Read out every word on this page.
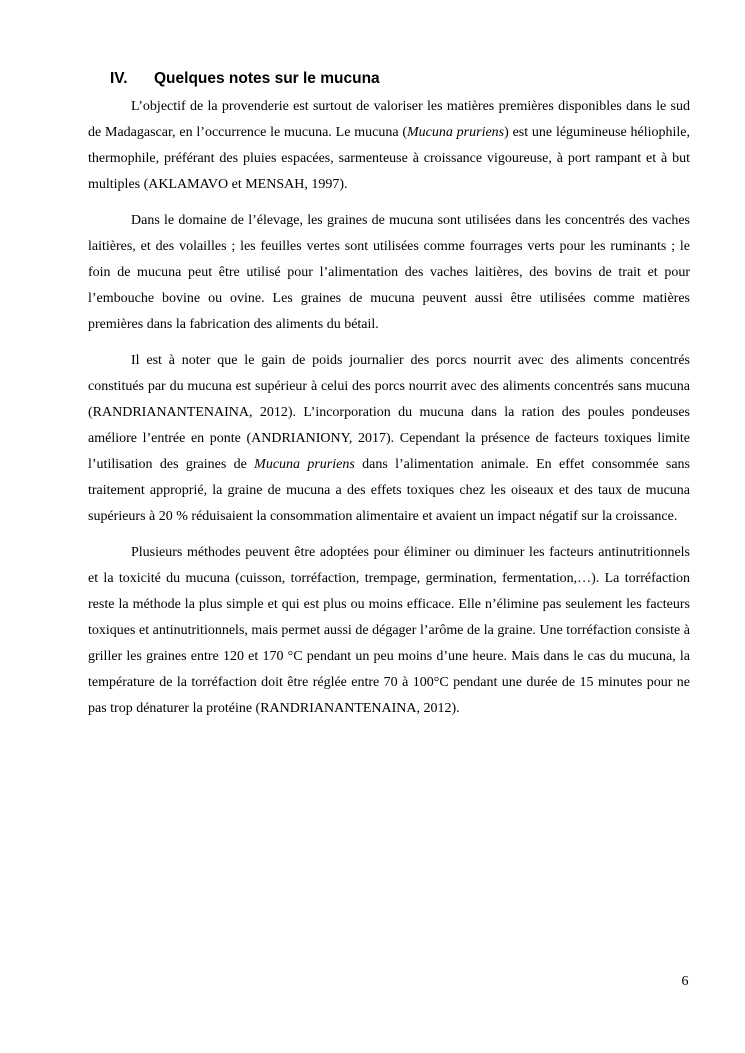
IV.	Quelques notes sur le mucuna

L’objectif de la provenderie est surtout de valoriser les matières premières disponibles dans le sud de Madagascar, en l’occurrence le mucuna. Le mucuna (Mucuna pruriens) est une légumineuse héliophile, thermophile, préférant des pluies espacées, sarmenteuse à croissance vigoureuse, à port rampant et à but multiples (AKLAMAVO et MENSAH, 1997).

Dans le domaine de l’élevage, les graines de mucuna sont utilisées dans les concentrés des vaches laitières, et des volailles ; les feuilles vertes sont utilisées comme fourrages verts pour les ruminants ; le foin de mucuna peut être utilisé pour l’alimentation des vaches laitières, des bovins de trait et pour l’embouche bovine ou ovine. Les graines de mucuna peuvent aussi être utilisées comme matières premières dans la fabrication des aliments du bétail.

Il est à noter que le gain de poids journalier des porcs nourrit avec des aliments concentrés constitués par du mucuna est supérieur à celui des porcs nourrit avec des aliments concentrés sans mucuna (RANDRIANANTENAINA, 2012). L’incorporation du mucuna dans la ration des poules pondeuses améliore l’entrée en ponte (ANDRIANIONY, 2017). Cependant la présence de facteurs toxiques limite l’utilisation des graines de Mucuna pruriens dans l’alimentation animale. En effet consommée sans traitement approprié, la graine de mucuna a des effets toxiques chez les oiseaux et des taux de mucuna supérieurs à 20 % réduisaient la consommation alimentaire et avaient un impact négatif sur la croissance.

Plusieurs méthodes peuvent être adoptées pour éliminer ou diminuer les facteurs antinutritionnels et la toxicité du mucuna (cuisson, torréfaction, trempage, germination, fermentation,…). La torréfaction reste la méthode la plus simple et qui est plus ou moins efficace. Elle n’élimine pas seulement les facteurs toxiques et antinutritionnels, mais permet aussi de dégager l’arôme de la graine. Une torréfaction consiste à griller les graines entre 120 et 170 °C pendant un peu moins d’une heure. Mais dans le cas du mucuna, la température de la torréfaction doit être réglée entre 70 à 100°C pendant une durée de 15 minutes pour ne pas trop dénaturer la protéine (RANDRIANANTENAINA, 2012).

6
